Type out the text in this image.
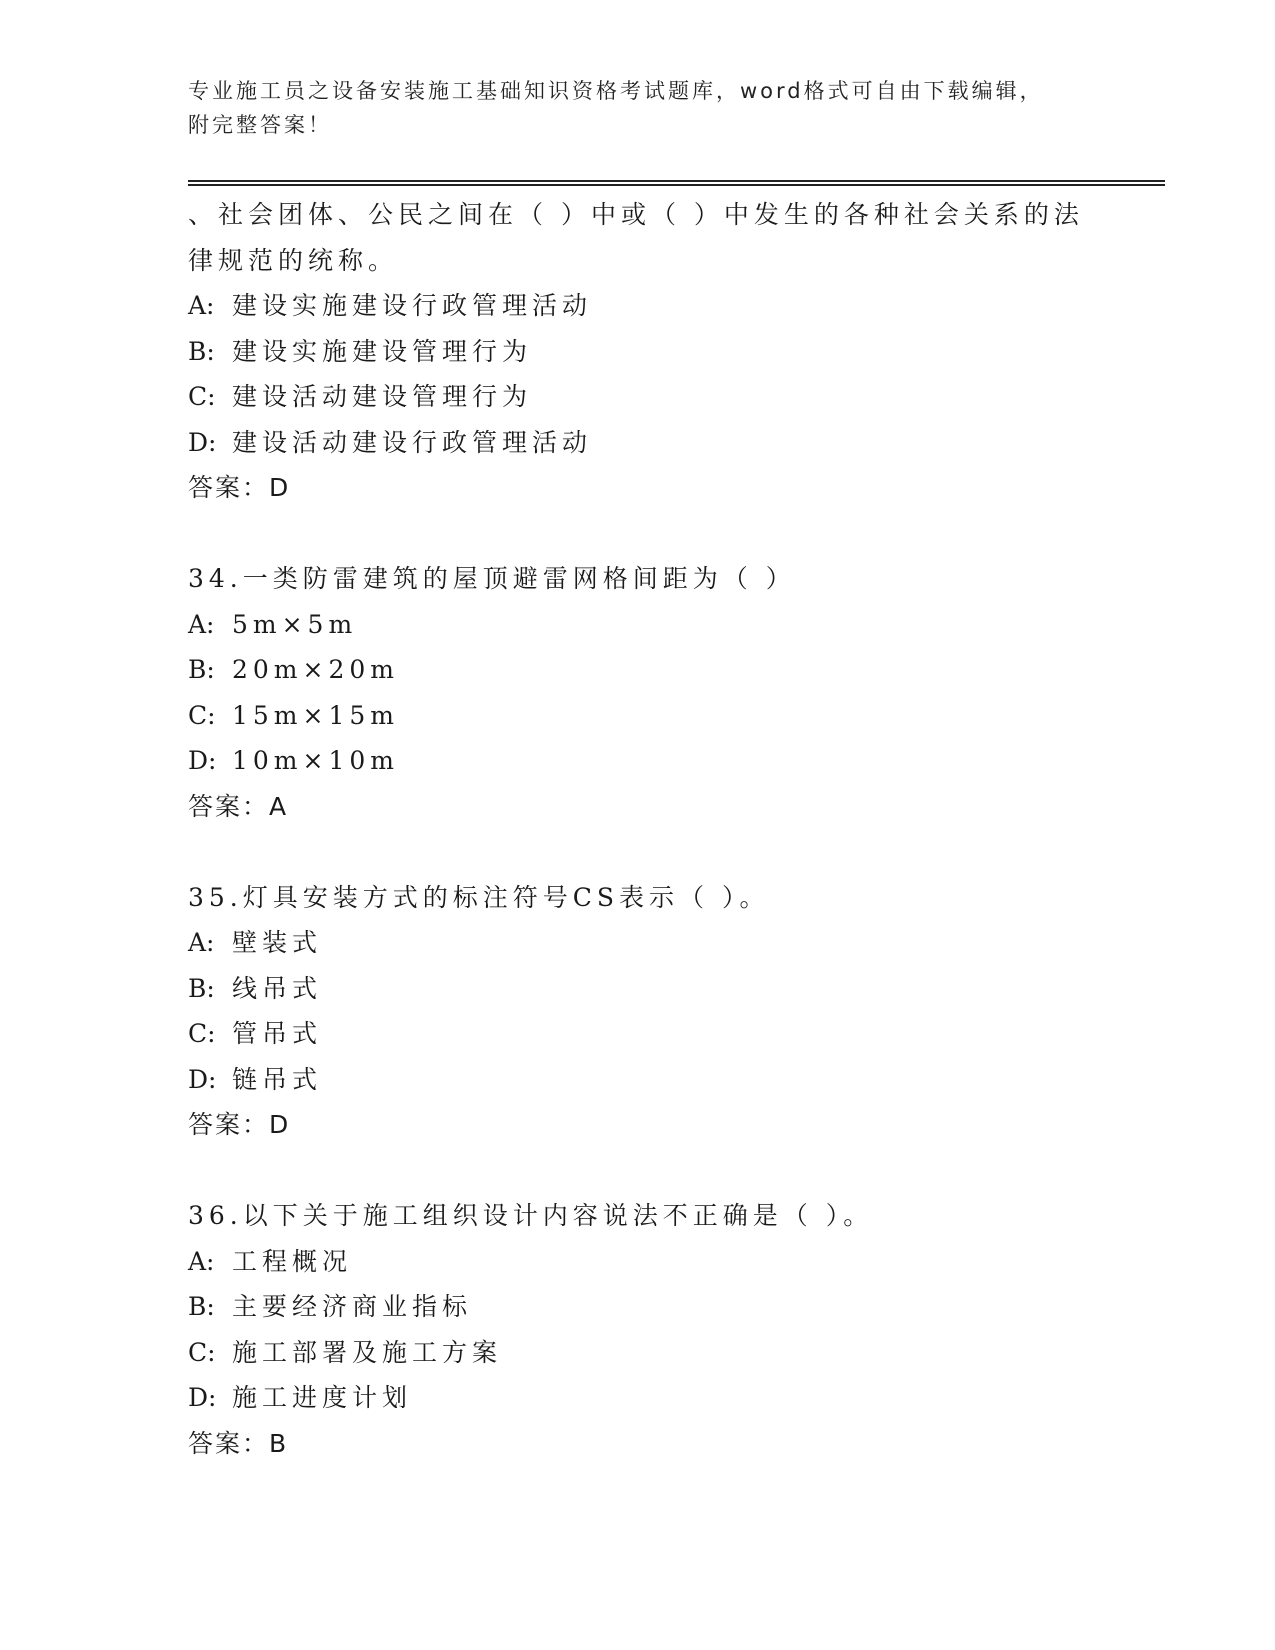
专业施工员之设备安装施工基础知识资格考试题库，word格式可自由下载编辑，
附完整答案！
、社会团体、公民之间在（ ）中或（ ）中发生的各种社会关系的法
律规范的统称。
A: 建设实施建设行政管理活动
B: 建设实施建设管理行为
C: 建设活动建设管理行为
D: 建设活动建设行政管理活动
答案：D
34.一类防雷建筑的屋顶避雷网格间距为（ ）
A: 5m×5m
B: 20m×20m
C: 15m×15m
D: 10m×10m
答案：A
35.灯具安装方式的标注符号CS表示（ ）。
A: 壁装式
B: 线吊式
C: 管吊式
D: 链吊式
答案：D
36.以下关于施工组织设计内容说法不正确是（ ）。
A: 工程概况
B: 主要经济商业指标
C: 施工部署及施工方案
D: 施工进度计划
答案：B
